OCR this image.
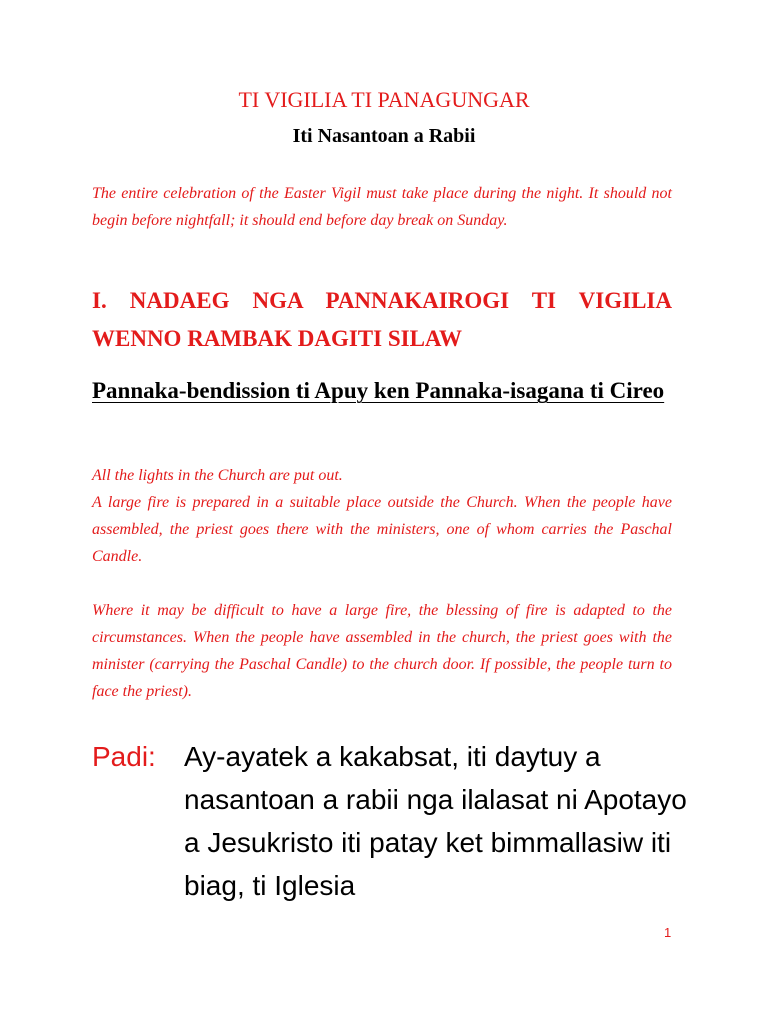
TI VIGILIA TI PANAGUNGAR
Iti Nasantoan a Rabii

The entire celebration of the Easter Vigil must take place during the night. It should not begin before nightfall; it should end before day break on Sunday.

I. NADAEG NGA PANNAKAIROGI TI VIGILIA WENNO RAMBAK DAGITI SILAW
Pannaka-bendission ti Apuy ken Pannaka-isagana ti Cireo

All the lights in the Church are put out.

A large fire is prepared in a suitable place outside the Church. When the people have assembled, the priest goes there with the ministers, one of whom carries the Paschal Candle.

Where it may be difficult to have a large fire, the blessing of fire is adapted to the circumstances. When the people have assembled in the church, the priest goes with the minister (carrying the Paschal Candle) to the church door. If possible, the people turn to face the priest).

Padi: Ay-ayatek a kakabsat, iti daytuy a nasantoan a rabii nga ilalasat ni Apotayo a Jesukristo iti patay ket bimmallasiw iti biag, ti Iglesia
1
